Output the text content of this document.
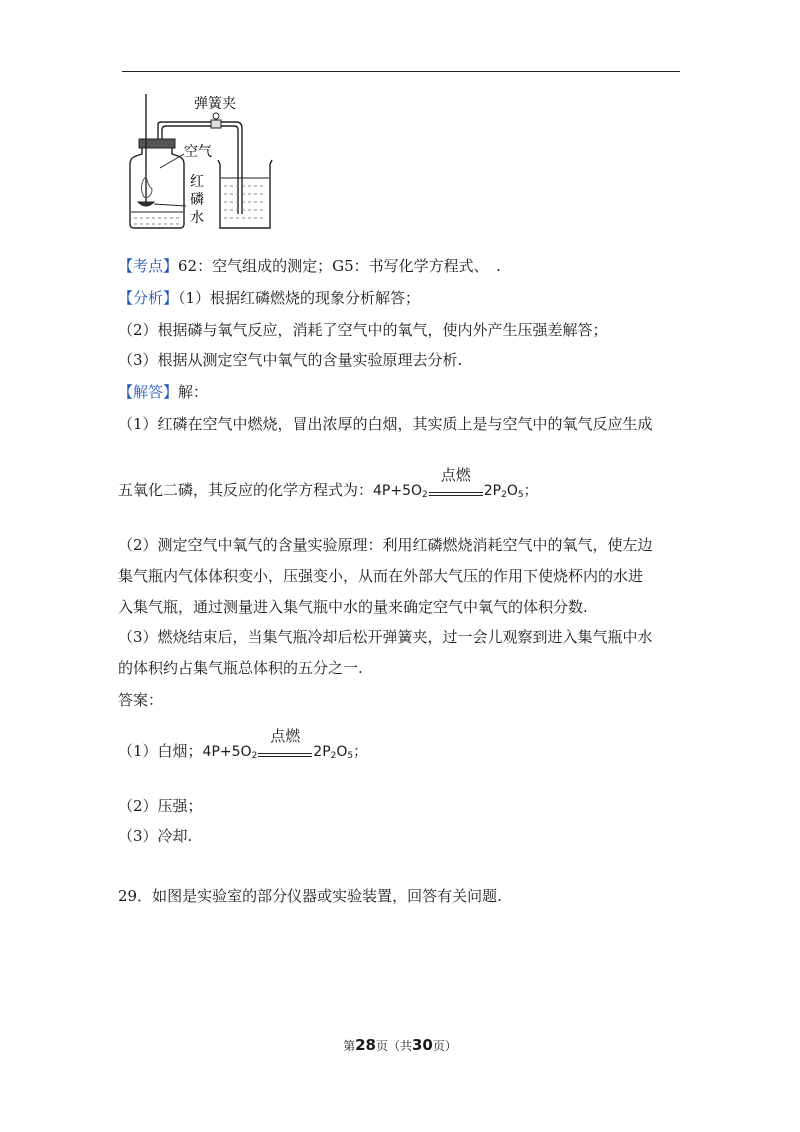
弹簧夹
空气
红
磷
水
【考点】62：空气组成的测定；G5：书写化学方程式、　.
【分析】（1）根据红磷燃烧的现象分析解答；
（2）根据磷与氧气反应，消耗了空气中的氧气，使内外产生压强差解答；
（3）根据从测定空气中氧气的含量实验原理去分析.
【解答】解：
（1）红磷在空气中燃烧，冒出浓厚的白烟，其实质上是与空气中的氧气反应生成
五氧化二磷，其反应的化学方程式为：$4P+5O_2$
点燃
$2P_2O_5$；
（2）测定空气中氧气的含量实验原理：利用红磷燃烧消耗空气中的氧气，使左边
集气瓶内气体体积变小，压强变小，从而在外部大气压的作用下使烧杯内的水进
入集气瓶，通过测量进入集气瓶中水的量来确定空气中氧气的体积分数.
（3）燃烧结束后，当集气瓶冷却后松开弹簧夹，过一会儿观察到进入集气瓶中水
的体积约占集气瓶总体积的五分之一.
答案：
（1）白烟；$4P+5O_2$
点燃
$2P_2O_5$；
（2）压强；
（3）冷却.
29．如图是实验室的部分仪器或实验装置，回答有关问题.
第28页（共30页）
